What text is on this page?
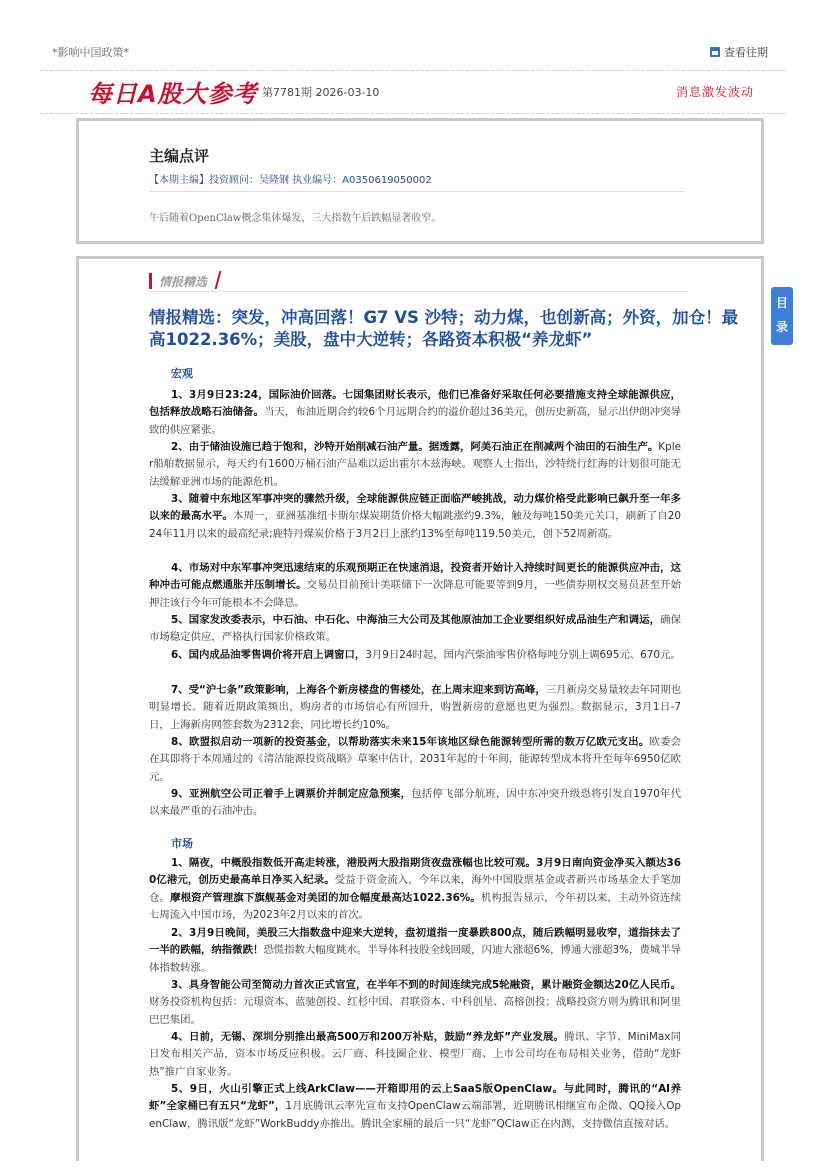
*影响中国政策*	查看往期
每日A股大参考 第7781期 2026-03-10	消息激发波动
目录
主编点评
【本期主编】投资顾问：吴隆钢 执业编号：A0350619050002
午后随着OpenClaw概念集体爆发，三大指数午后跌幅显著收窄。
情报精选
情报精选：突发，冲高回落！G7 VS 沙特；动力煤，也创新高；外资，加仓！最高1022.36%；美股，盘中大逆转；各路资本积极“养龙虾”
宏观
1、3月9日23:24，国际油价回落。七国集团财长表示，他们已准备好采取任何必要措施支持全球能源供应，包括释放战略石油储备。当天，布油近期合约较6个月远期合约的溢价超过36美元，创历史新高，显示出伊朗冲突导致的供应紧张。
2、由于储油设施已趋于饱和，沙特开始削减石油产量。据透露，阿美石油正在削减两个油田的石油生产。Kpler船舶数据显示，每天约有1600万桶石油产品难以运出霍尔木兹海峡。观察人士指出，沙特绕行红海的计划很可能无法缓解亚洲市场的能源危机。
3、随着中东地区军事冲突的骤然升级，全球能源供应链正面临严峻挑战，动力煤价格受此影响已飙升至一年多以来的最高水平。本周一，亚洲基准纽卡斯尔煤炭期货价格大幅跳涨约9.3%，触及每吨150美元关口，刷新了自2024年11月以来的最高纪录;鹿特丹煤炭价格于3月2日上涨约13%至每吨119.50美元，创下52周新高。
4、市场对中东军事冲突迅速结束的乐观预期正在快速消退，投资者开始计入持续时间更长的能源供应冲击，这种冲击可能点燃通胀并压制增长。交易员目前预计美联储下一次降息可能要等到9月，一些债券期权交易员甚至开始押注该行今年可能根本不会降息。
5、国家发改委表示，中石油、中石化、中海油三大公司及其他原油加工企业要组织好成品油生产和调运，确保市场稳定供应，严格执行国家价格政策。
6、国内成品油零售调价将开启上调窗口，3月9日24时起，国内汽柴油零售价格每吨分别上调695元、670元。
7、受“沪七条”政策影响，上海各个新房楼盘的售楼处，在上周末迎来到访高峰，三月新房交易量较去年同期也明显增长。随着近期政策频出，购房者的市场信心有所回升，购置新房的意愿也更为强烈。数据显示，3月1日-7日，上海新房网签套数为2312套，同比增长约10%。
8、欧盟拟启动一项新的投资基金，以帮助落实未来15年该地区绿色能源转型所需的数万亿欧元支出。欧委会在其即将于本周通过的《清洁能源投资战略》草案中估计，2031年起的十年间，能源转型成本将升至每年6950亿欧元。
9、亚洲航空公司正着手上调票价并制定应急预案，包括停飞部分航班，因中东冲突升级恐将引发自1970年代以来最严重的石油冲击。
市场
1、隔夜，中概股指数低开高走转涨，港股两大股指期货夜盘涨幅也比较可观。3月9日南向资金净买入额达360亿港元，创历史最高单日净买入纪录。受益于资金流入，今年以来，海外中国股票基金或者新兴市场基金大手笔加仓。摩根资产管理旗下旗舰基金对美团的加仓幅度最高达1022.36%。机构报告显示，今年初以来，主动外资连续七周流入中国市场，为2023年2月以来的首次。
2、3月9日晚间，美股三大指数盘中迎来大逆转，盘初道指一度暴跌800点，随后跌幅明显收窄，道指抹去了一半的跌幅，纳指微跌！恐慌指数大幅度跳水。半导体科技股全线回暖，闪迪大涨超6%，博通大涨超3%，费城半导体指数转涨。
3、具身智能公司至简动力首次正式官宣，在半年不到的时间连续完成5轮融资，累计融资金额达20亿人民币。财务投资机构包括：元璟资本、蓝驰创投、红杉中国、君联资本、中科创星、高榕创投；战略投资方则为腾讯和阿里巴巴集团。
4、日前，无锡、深圳分别推出最高500万和200万补贴，鼓励“养龙虾”产业发展。腾讯、字节、MiniMax同日发布相关产品，资本市场反应积极。云厂商、科技圈企业、模型厂商、上市公司均在布局相关业务，借助“龙虾热”推广自家业务。
5、9日，火山引擎正式上线ArkClaw——开箱即用的云上SaaS版OpenClaw。与此同时，腾讯的“AI养虾”全家桶已有五只“龙虾”，1月底腾讯云率先宣布支持OpenClaw云端部署，近期腾讯相继宣布企微、QQ接入OpenClaw，腾讯版“龙虾”WorkBuddy亦推出。腾讯全家桶的最后一只“龙虾”QClaw正在内测，支持微信直接对话。
